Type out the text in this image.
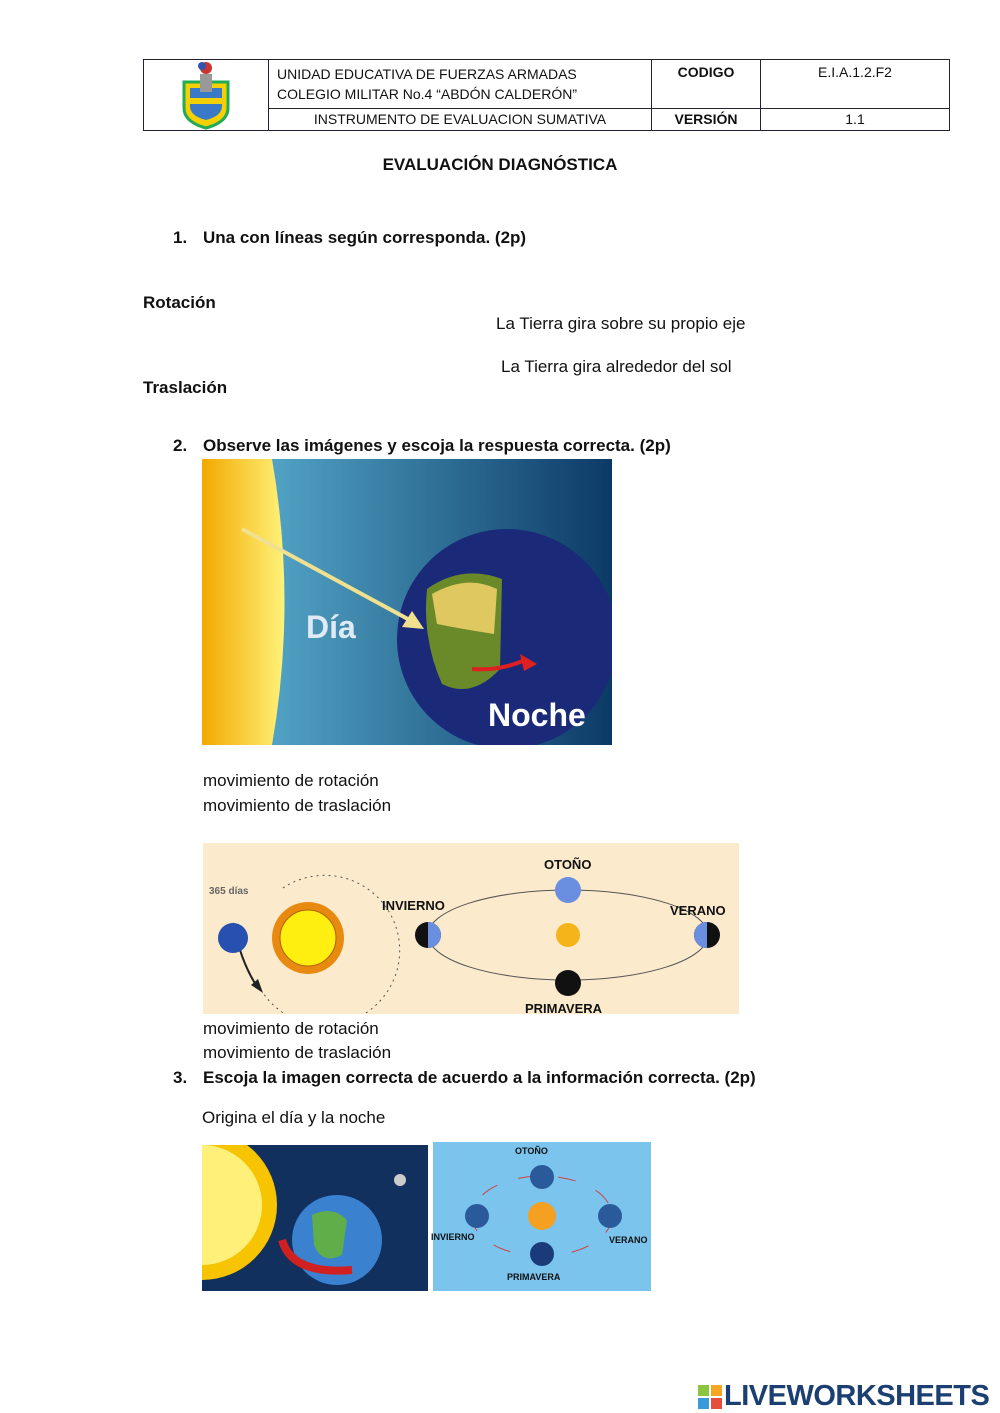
UNIDAD EDUCATIVA DE FUERZAS ARMADAS
COLEGIO MILITAR No.4 “ABDÓN CALDERÓN”	CODIGO	E.I.A.1.2.F2
	INSTRUMENTO DE EVALUACION SUMATIVA	VERSIÓN	1.1
EVALUACIÓN DIAGNÓSTICA
1. Una con líneas según corresponda. (2p)
Rotación
Traslación
La Tierra gira sobre su propio eje
La Tierra gira alrededor del sol
2. Observe las imágenes y escoja la respuesta correcta. (2p)
Día
Noche
movimiento de rotación
movimiento de traslación
365 días
OTOÑO
INVIERNO	VERANO
PRIMAVERA
movimiento de rotación
movimiento de traslación
3. Escoja la imagen correcta de acuerdo a la información correcta. (2p)
Origina el día y la noche
OTOÑO
INVIERNO	VERANO
PRIMAVERA
LIVEWORKSHEETS
